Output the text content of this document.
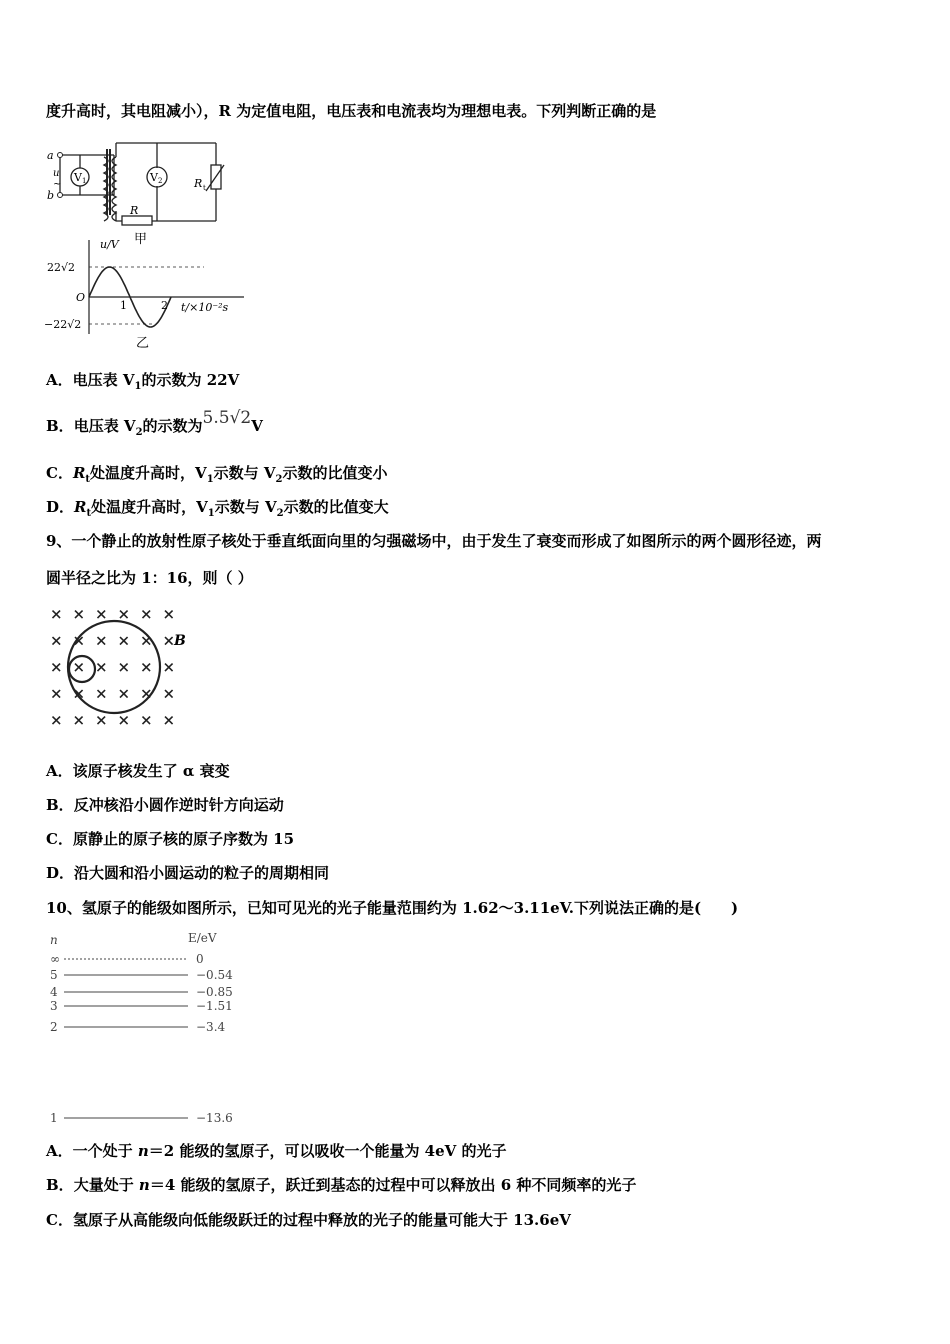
度升高时，其电阻减小），R 为定值电阻，电压表和电流表均为理想电表。下列判断正确的是
a
b
u
~
V 1	V 2
R
R t
甲
u/V
22√2
−22√2
O
1	2 t/×10⁻²s
乙
A．电压表 $V_1$的示数为 22V
B．电压表 $V_2$的示数为5.5√2V
C．$R_t$处温度升高时，$V_1$示数与 $V_2$示数的比值变小
D．$R_t$处温度升高时，$V_1$示数与 $V_2$示数的比值变大
9、一个静止的放射性原子核处于垂直纸面向里的匀强磁场中，由于发生了衰变而形成了如图所示的两个圆形径迹，两
圆半径之比为 1：16，则（ ）
× × × × × ×
× × × × × ×
× × × × × ×
× × × × × ×
× × × × × ×
B
A．该原子核发生了 α 衰变
B．反冲核沿小圆作逆时针方向运动
C．原静止的原子核的原子序数为 15
D．沿大圆和沿小圆运动的粒子的周期相同
10、氢原子的能级如图所示，已知可见光的光子能量范围约为 1.62～3.11eV.下列说法正确的是(　　)
n	E/eV
∞	0
5	−0.54
4	−0.85
3	−1.51
2	−3.4
1	−13.6
A．一个处于 n＝2 能级的氢原子，可以吸收一个能量为 4eV 的光子
B．大量处于 n＝4 能级的氢原子，跃迁到基态的过程中可以释放出 6 种不同频率的光子
C．氢原子从高能级向低能级跃迁的过程中释放的光子的能量可能大于 13.6eV
